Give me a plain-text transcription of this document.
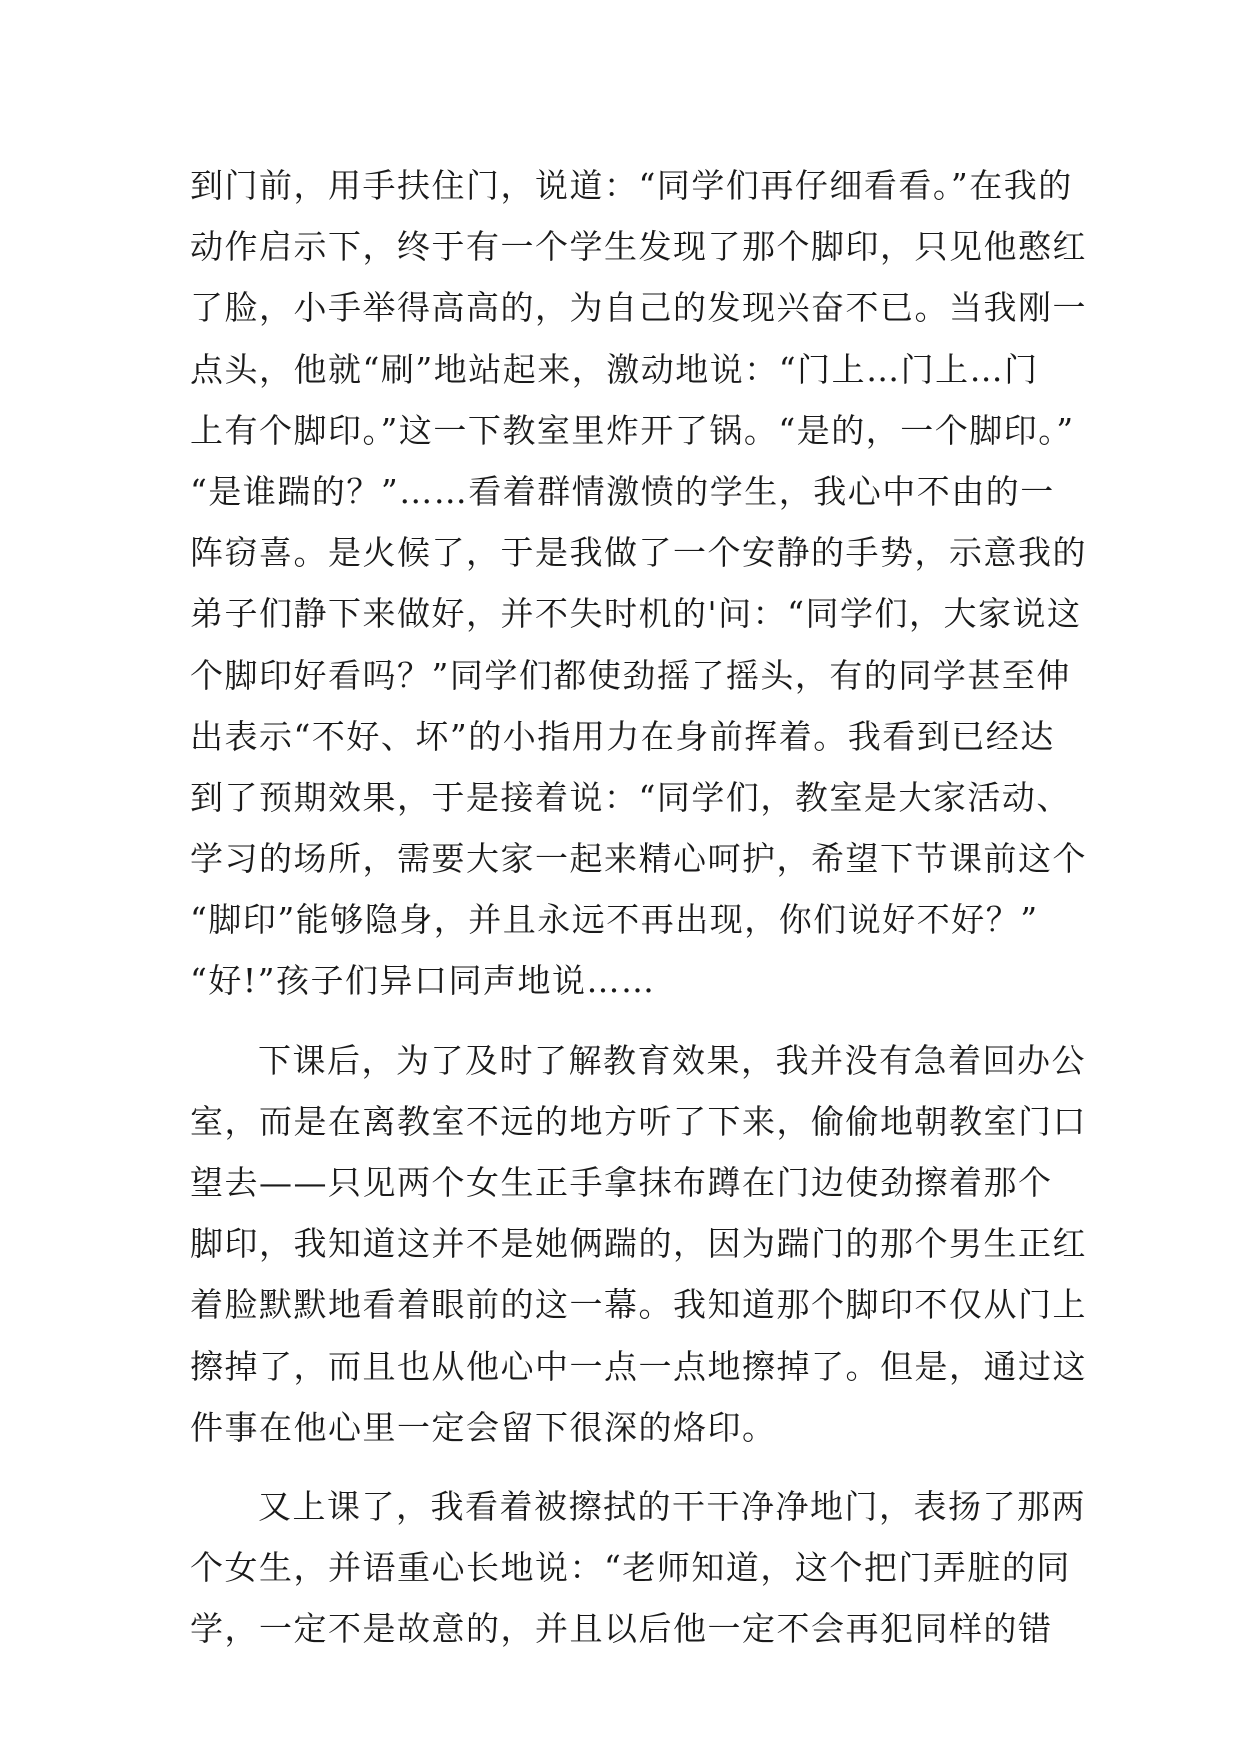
到门前，用手扶住门，说道：“同学们再仔细看看。”在我的
动作启示下，终于有一个学生发现了那个脚印，只见他憨红
了脸，小手举得高高的，为自己的发现兴奋不已。当我刚一
点头，他就“刷”地站起来，激动地说：“门上…门上…门
上有个脚印。”这一下教室里炸开了锅。“是的，一个脚印。”
“是谁踹的？”……看着群情激愤的学生，我心中不由的一
阵窃喜。是火候了，于是我做了一个安静的手势，示意我的
弟子们静下来做好，并不失时机的'问：“同学们，大家说这
个脚印好看吗？”同学们都使劲摇了摇头，有的同学甚至伸
出表示“不好、坏”的小指用力在身前挥着。我看到已经达
到了预期效果，于是接着说：“同学们，教室是大家活动、
学习的场所，需要大家一起来精心呵护，希望下节课前这个
“脚印”能够隐身，并且永远不再出现，你们说好不好？”
“好!”孩子们异口同声地说……
下课后，为了及时了解教育效果，我并没有急着回办公
室，而是在离教室不远的地方听了下来，偷偷地朝教室门口
望去——只见两个女生正手拿抹布蹲在门边使劲擦着那个
脚印，我知道这并不是她俩踹的，因为踹门的那个男生正红
着脸默默地看着眼前的这一幕。我知道那个脚印不仅从门上
擦掉了，而且也从他心中一点一点地擦掉了。但是，通过这
件事在他心里一定会留下很深的烙印。
又上课了，我看着被擦拭的干干净净地门，表扬了那两
个女生，并语重心长地说：“老师知道，这个把门弄脏的同
学，一定不是故意的，并且以后他一定不会再犯同样的错
